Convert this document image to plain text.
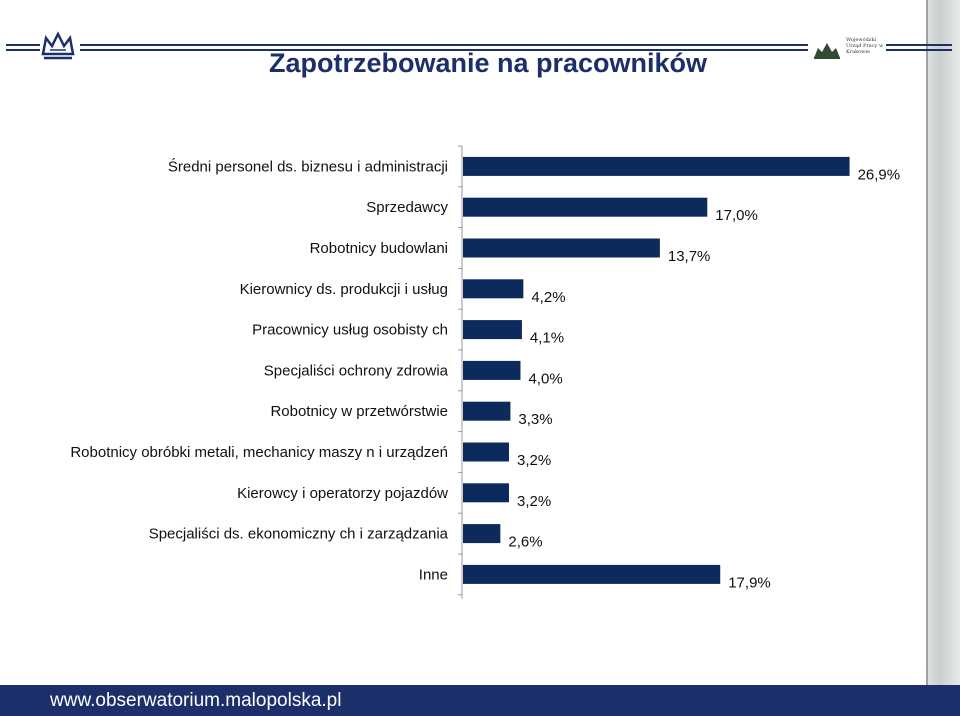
Wojewódzki Urząd Pracy w Krakowie
Zapotrzebowanie na pracowników
Średni personel ds. biznesu i administracji	26,9%
Sprzedawcy	17,0%
Robotnicy budowlani	13,7%
Kierownicy ds. produkcji i usług	4,2%
Pracownicy usług osobisty ch	4,1%
Specjaliści ochrony zdrowia	4,0%
Robotnicy w przetwórstwie	3,3%
Robotnicy obróbki metali, mechanicy maszy n i urządzeń	3,2%
Kierowcy i operatorzy pojazdów	3,2%
Specjaliści ds. ekonomiczny ch i zarządzania	2,6%
Inne	17,9%
www.obserwatorium.malopolska.pl
